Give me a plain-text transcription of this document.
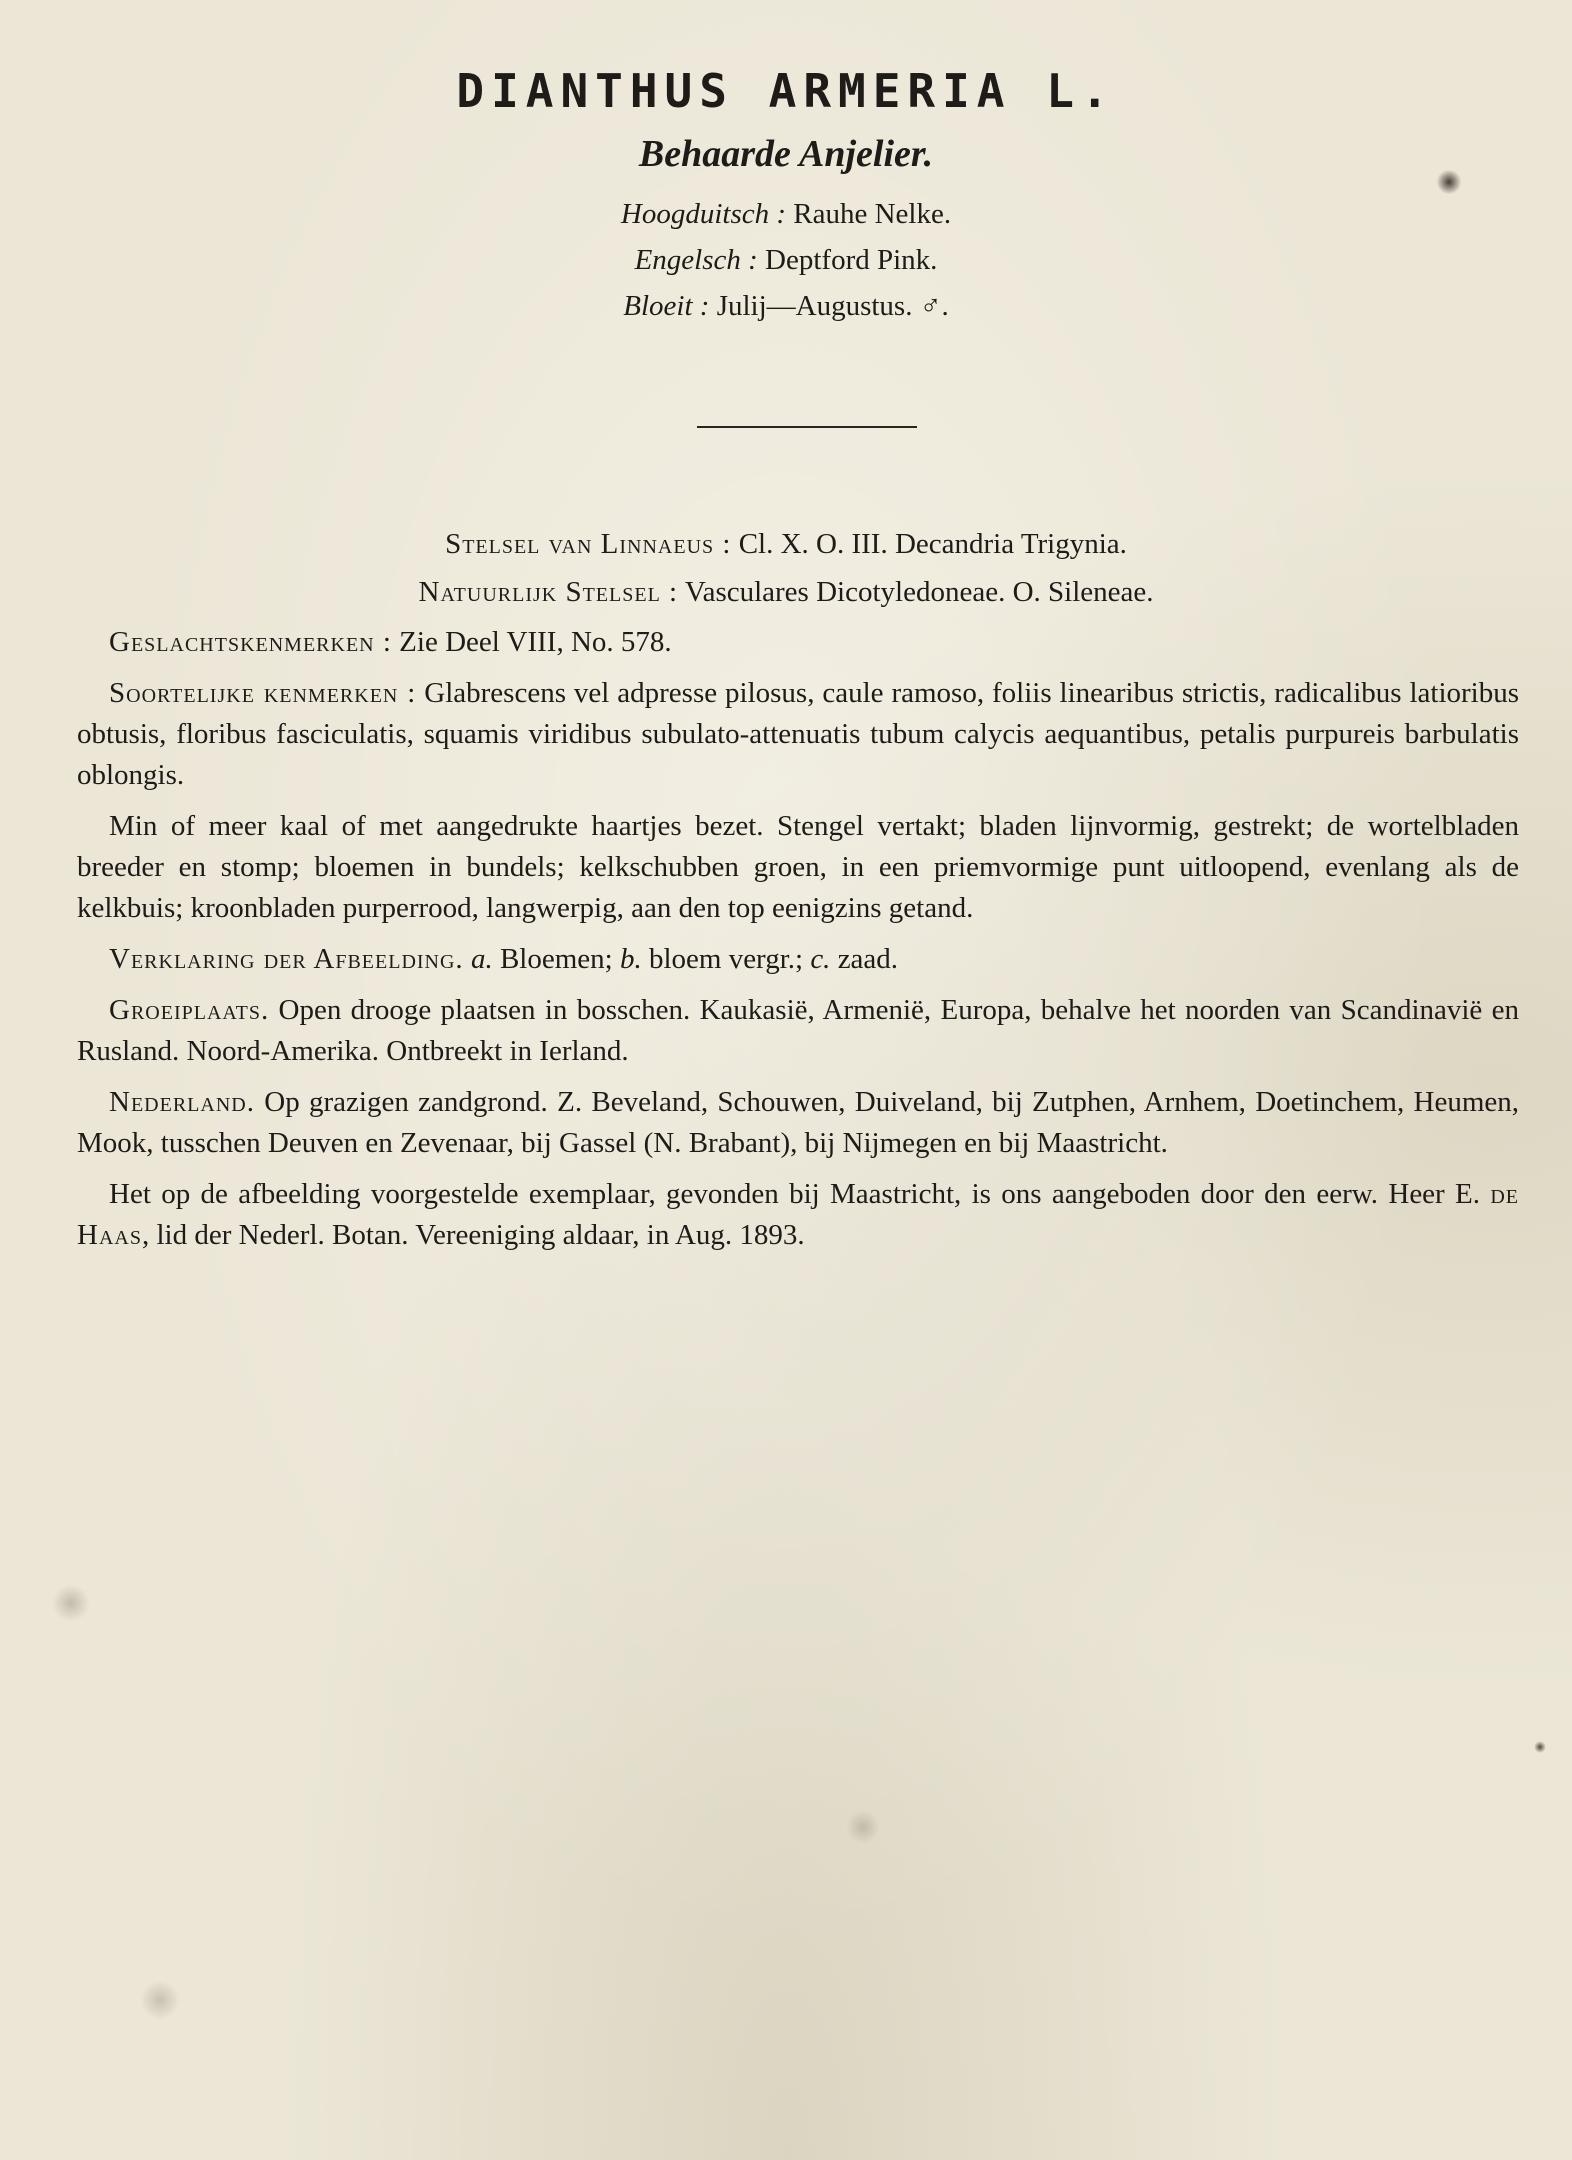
DIANTHUS ARMERIA L.
Behaarde Anjelier.
Hoogduitsch : Rauhe Nelke.
Engelsch : Deptford Pink.
Bloeit : Julij—Augustus. ♂.
Stelsel van Linnaeus : Cl. X. O. III. Decandria Trigynia.
Natuurlijk Stelsel : Vasculares Dicotyledoneae. O. Sileneae.

Geslachtskenmerken : Zie Deel VIII, No. 578.

Soortelijke kenmerken : Glabrescens vel adpresse pilosus, caule ramoso, foliis linearibus strictis, radicalibus latioribus obtusis, floribus fasciculatis, squamis viridibus subulato-attenuatis tubum calycis aequantibus, petalis purpureis barbulatis oblongis.

Min of meer kaal of met aangedrukte haartjes bezet. Stengel vertakt; bladen lijnvormig, gestrekt; de wortelbladen breeder en stomp; bloemen in bundels; kelkschubben groen, in een priemvormige punt uitloopend, evenlang als de kelkbuis; kroonbladen purperrood, langwerpig, aan den top eenigzins getand.

Verklaring der Afbeelding. a. Bloemen; b. bloem vergr.; c. zaad.

Groeiplaats. Open drooge plaatsen in bosschen. Kaukasië, Armenië, Europa, behalve het noorden van Scandinavië en Rusland. Noord-Amerika. Ontbreekt in Ierland.

Nederland. Op grazigen zandgrond. Z. Beveland, Schouwen, Duiveland, bij Zutphen, Arnhem, Doetinchem, Heumen, Mook, tusschen Deuven en Zevenaar, bij Gassel (N. Brabant), bij Nijmegen en bij Maastricht.

Het op de afbeelding voorgestelde exemplaar, gevonden bij Maastricht, is ons aangeboden door den eerw. Heer E. de Haas, lid der Nederl. Botan. Vereeniging aldaar, in Aug. 1893.
